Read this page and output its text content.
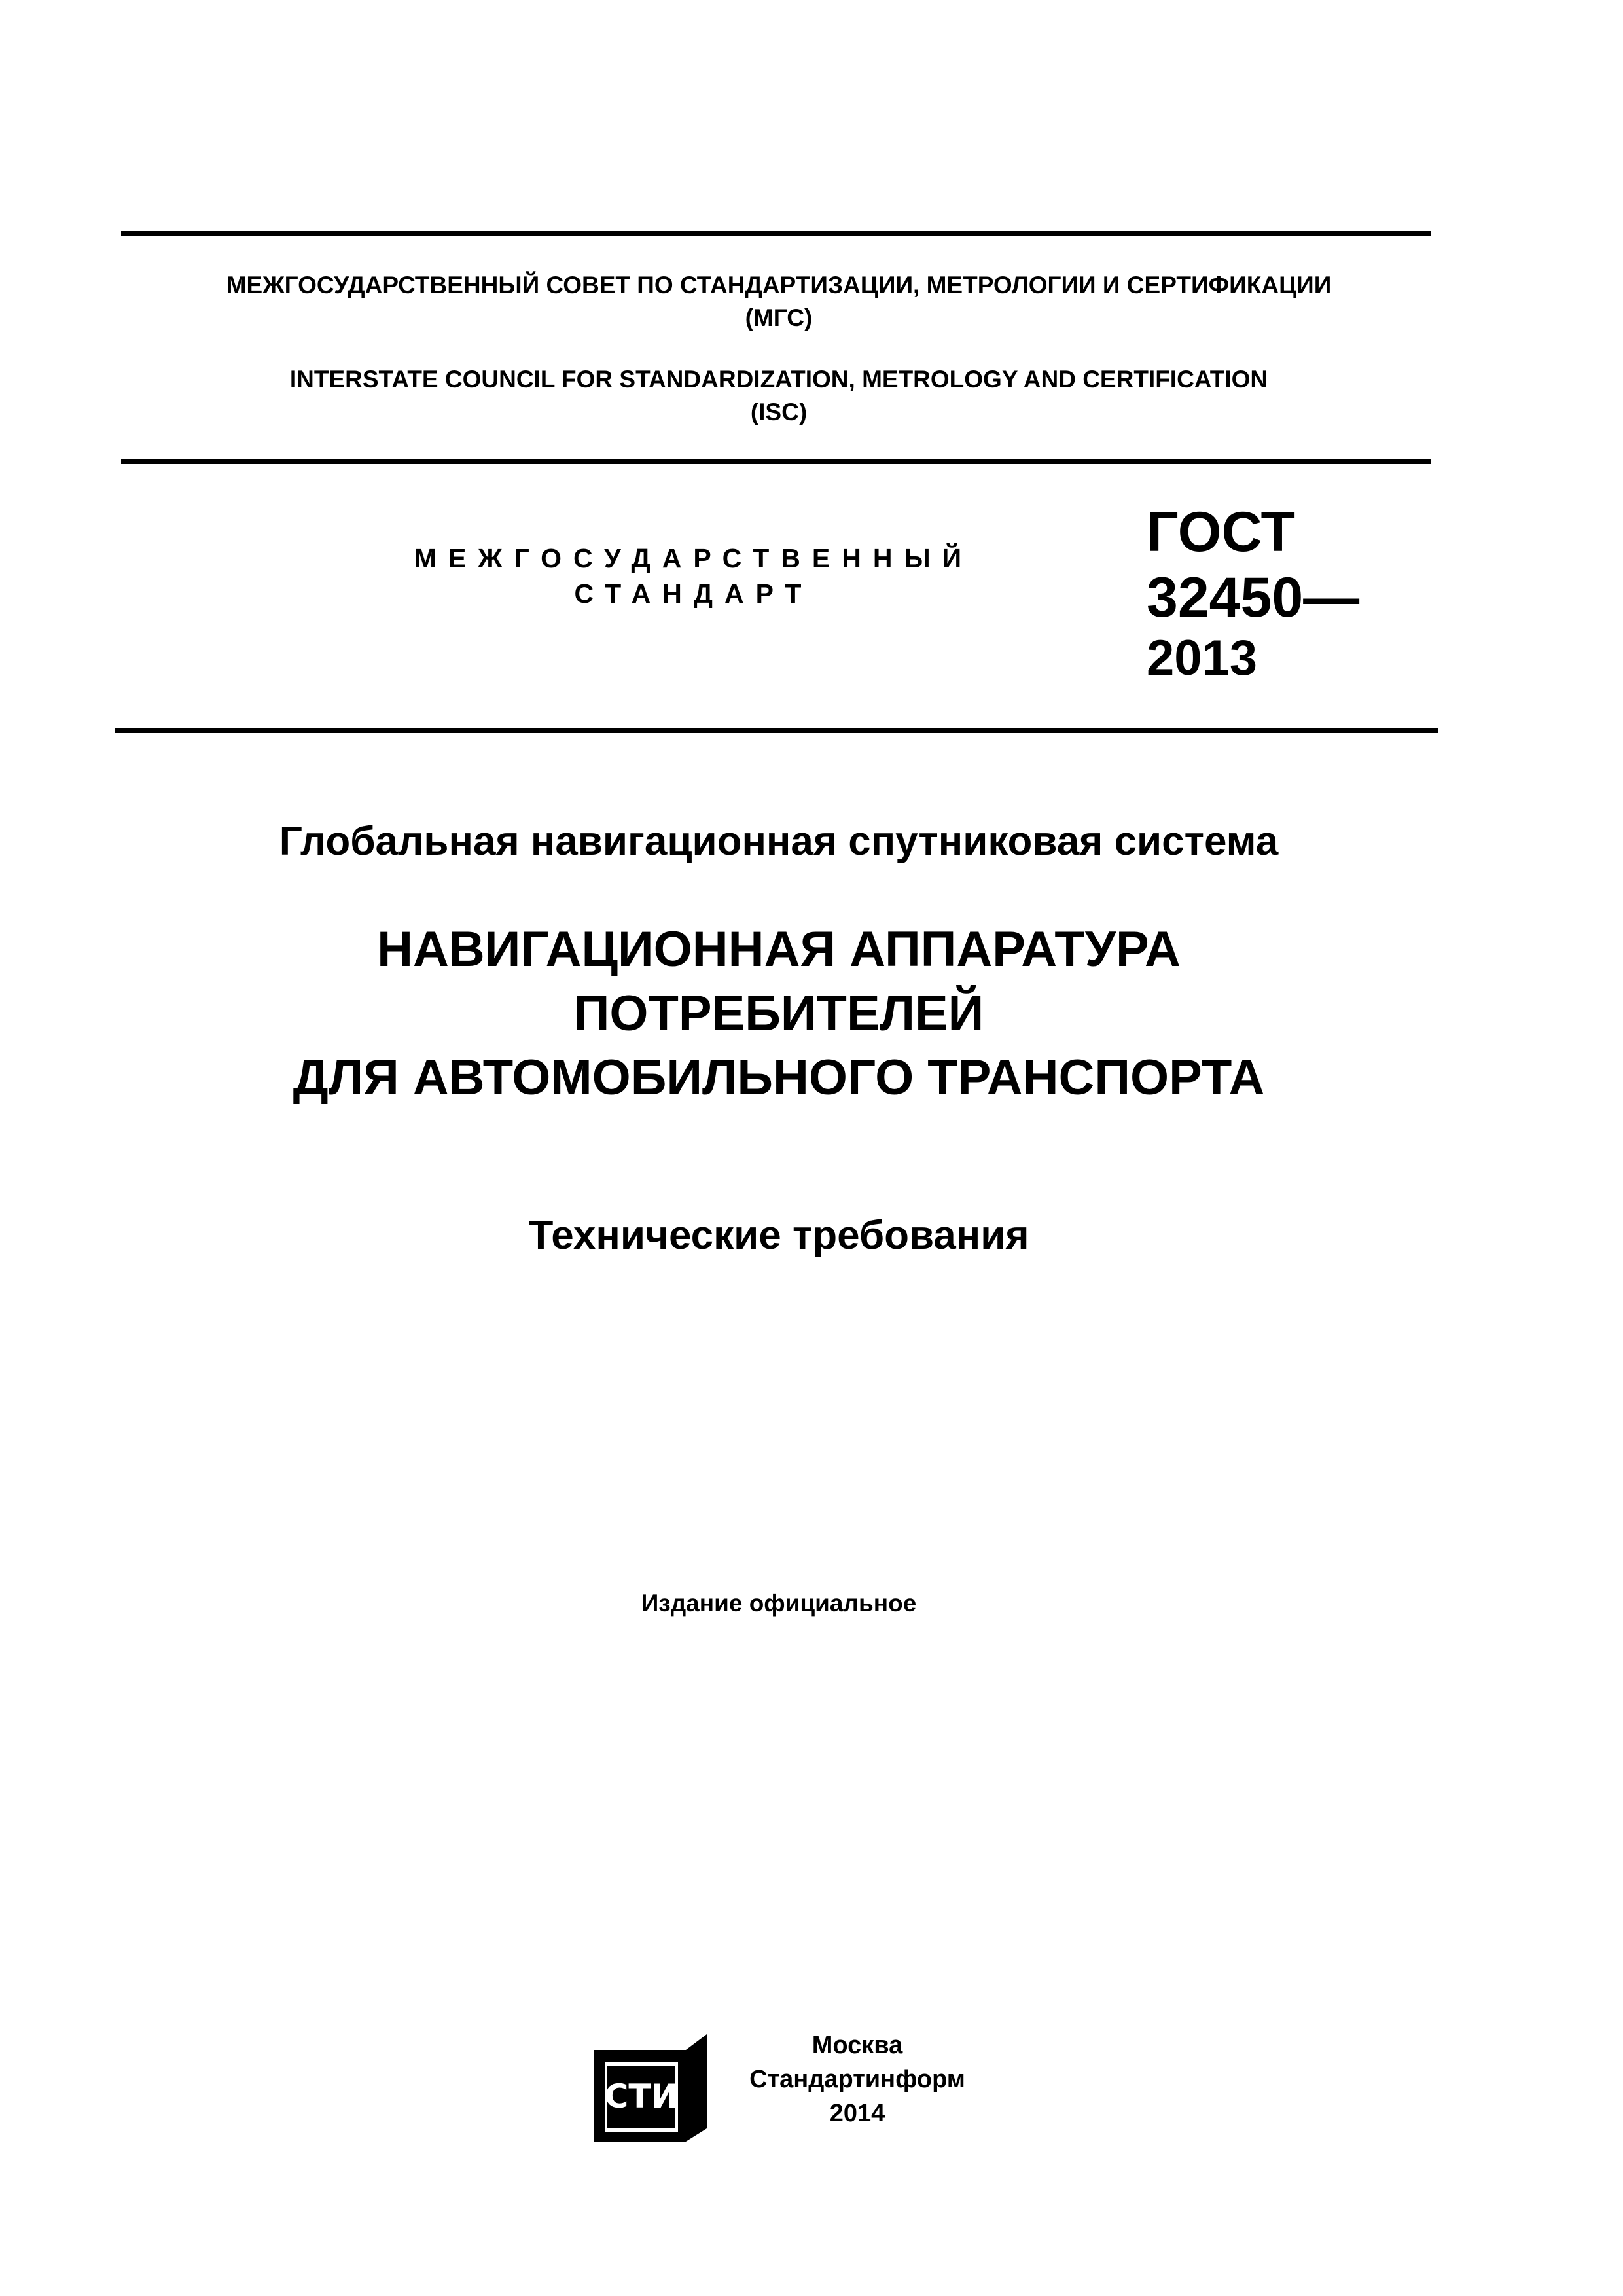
МЕЖГОСУДАРСТВЕННЫЙ СОВЕТ ПО СТАНДАРТИЗАЦИИ, МЕТРОЛОГИИ И СЕРТИФИКАЦИИ
(МГС)
INTERSTATE COUNCIL FOR STANDARDIZATION, METROLOGY AND CERTIFICATION
(ISC)
МЕЖГОСУДАРСТВЕННЫЙ
СТАНДАРТ
ГОСТ
32450—
2013
Глобальная навигационная спутниковая система
НАВИГАЦИОННАЯ АППАРАТУРА
ПОТРЕБИТЕЛЕЙ
ДЛЯ АВТОМОБИЛЬНОГО ТРАНСПОРТА
Технические требования
Издание официальное
СТИ
Москва
Стандартинформ
2014
